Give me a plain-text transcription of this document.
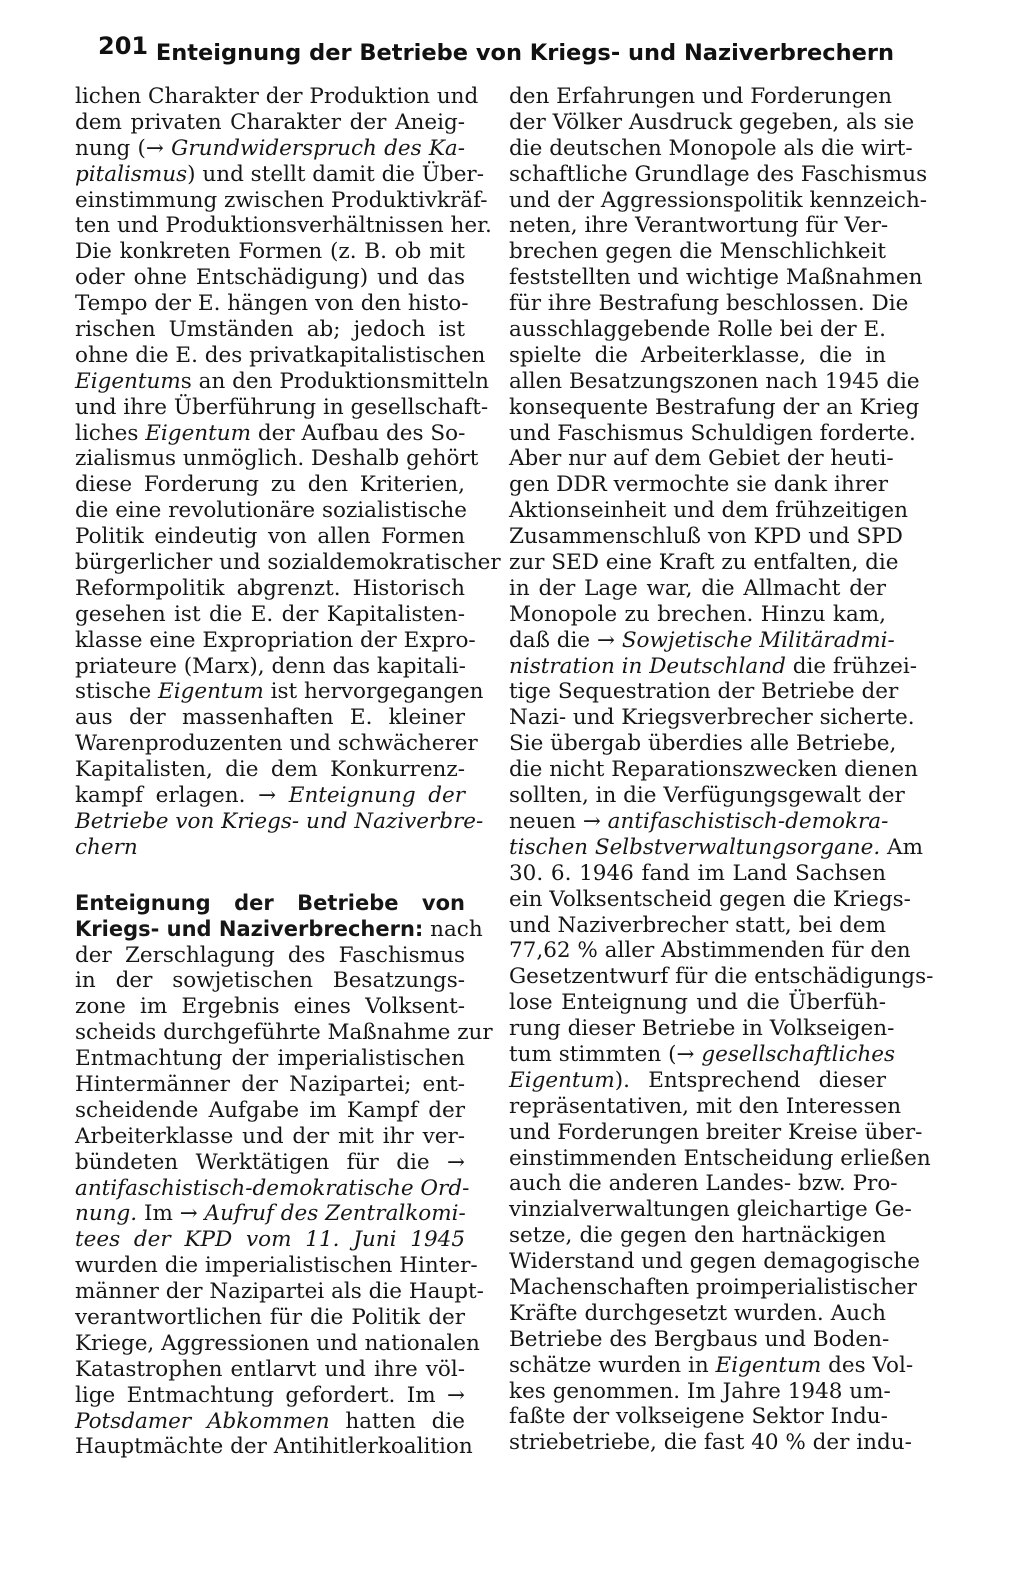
201 Enteignung der Betriebe von Kriegs- und Naziverbrechern
lichen Charakter der Produktion und
dem privaten Charakter der Aneig-
nung (→ Grundwiderspruch des Ka-
pitalismus) und stellt damit die Über-
einstimmung zwischen Produktivkräf-
ten und Produktionsverhältnissen her.
Die konkreten Formen (z. B. ob mit
oder ohne Entschädigung) und das
Tempo der E. hängen von den histo-
rischen Umständen ab; jedoch ist
ohne die E. des privatkapitalistischen
Eigentums an den Produktionsmitteln
und ihre Überführung in gesellschaft-
liches Eigentum der Aufbau des So-
zialismus unmöglich. Deshalb gehört
diese Forderung zu den Kriterien,
die eine revolutionäre sozialistische
Politik eindeutig von allen Formen
bürgerlicher und sozialdemokratischer
Reformpolitik abgrenzt. Historisch
gesehen ist die E. der Kapitalisten-
klasse eine Expropriation der Expro-
priateure (Marx), denn das kapitali-
stische Eigentum ist hervorgegangen
aus der massenhaften E. kleiner
Warenproduzenten und schwächerer
Kapitalisten, die dem Konkurrenz-
kampf erlagen. → Enteignung der
Betriebe von Kriegs- und Naziverbre-
chern
Enteignung der Betriebe von
Kriegs- und Naziverbrechern: nach
der Zerschlagung des Faschismus
in der sowjetischen Besatzungs-
zone im Ergebnis eines Volksent-
scheids durchgeführte Maßnahme zur
Entmachtung der imperialistischen
Hintermänner der Nazipartei; ent-
scheidende Aufgabe im Kampf der
Arbeiterklasse und der mit ihr ver-
bündeten Werktätigen für die →
antifaschistisch-demokratische Ord-
nung. Im → Aufruf des Zentralkomi-
tees der KPD vom 11. Juni 1945
wurden die imperialistischen Hinter-
männer der Nazipartei als die Haupt-
verantwortlichen für die Politik der
Kriege, Aggressionen und nationalen
Katastrophen entlarvt und ihre völ-
lige Entmachtung gefordert. Im →
Potsdamer Abkommen hatten die
Hauptmächte der Antihitlerkoalition
den Erfahrungen und Forderungen
der Völker Ausdruck gegeben, als sie
die deutschen Monopole als die wirt-
schaftliche Grundlage des Faschismus
und der Aggressionspolitik kennzeich-
neten, ihre Verantwortung für Ver-
brechen gegen die Menschlichkeit
feststellten und wichtige Maßnahmen
für ihre Bestrafung beschlossen. Die
ausschlaggebende Rolle bei der E.
spielte die Arbeiterklasse, die in
allen Besatzungszonen nach 1945 die
konsequente Bestrafung der an Krieg
und Faschismus Schuldigen forderte.
Aber nur auf dem Gebiet der heuti-
gen DDR vermochte sie dank ihrer
Aktionseinheit und dem frühzeitigen
Zusammenschluß von KPD und SPD
zur SED eine Kraft zu entfalten, die
in der Lage war, die Allmacht der
Monopole zu brechen. Hinzu kam,
daß die → Sowjetische Militäradmi-
nistration in Deutschland die frühzei-
tige Sequestration der Betriebe der
Nazi- und Kriegsverbrecher sicherte.
Sie übergab überdies alle Betriebe,
die nicht Reparationszwecken dienen
sollten, in die Verfügungsgewalt der
neuen → antifaschistisch-demokra-
tischen Selbstverwaltungsorgane. Am
30. 6. 1946 fand im Land Sachsen
ein Volksentscheid gegen die Kriegs-
und Naziverbrecher statt, bei dem
77,62 % aller Abstimmenden für den
Gesetzentwurf für die entschädigungs-
lose Enteignung und die Überfüh-
rung dieser Betriebe in Volkseigen-
tum stimmten (→ gesellschaftliches
Eigentum). Entsprechend dieser
repräsentativen, mit den Interessen
und Forderungen breiter Kreise über-
einstimmenden Entscheidung erließen
auch die anderen Landes- bzw. Pro-
vinzialverwaltungen gleichartige Ge-
setze, die gegen den hartnäckigen
Widerstand und gegen demagogische
Machenschaften proimperialistischer
Kräfte durchgesetzt wurden. Auch
Betriebe des Bergbaus und Boden-
schätze wurden in Eigentum des Vol-
kes genommen. Im Jahre 1948 um-
faßte der volkseigene Sektor Indu-
striebetriebe, die fast 40 % der indu-
